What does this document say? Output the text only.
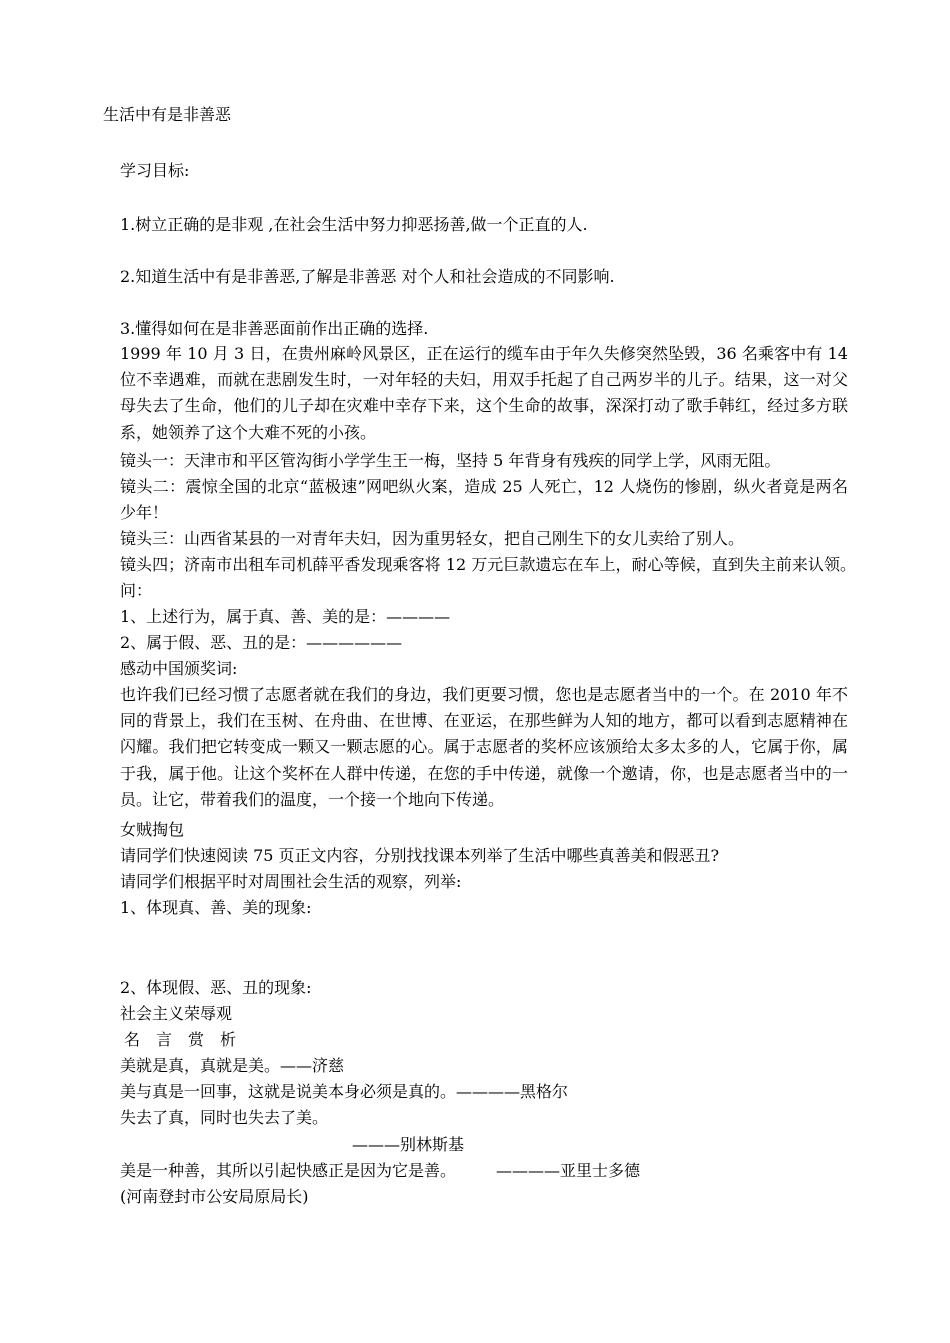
生活中有是非善恶
学习目标:
1.树立正确的是非观 ,在社会生活中努力抑恶扬善,做一个正直的人.
2.知道生活中有是非善恶,了解是非善恶 对个人和社会造成的不同影响.
3.懂得如何在是非善恶面前作出正确的选择.
1999 年 10 月 3 日，在贵州麻岭风景区，正在运行的缆车由于年久失修突然坠毁，36 名乘客中有 14 位不幸遇难，而就在悲剧发生时，一对年轻的夫妇，用双手托起了自己两岁半的儿子。结果，这一对父母失去了生命，他们的儿子却在灾难中幸存下来，这个生命的故事，深深打动了歌手韩红，经过多方联系，她领养了这个大难不死的小孩。
镜头一：天津市和平区管沟街小学学生王一梅，坚持 5 年背身有残疾的同学上学，风雨无阻。
镜头二：震惊全国的北京“蓝极速”网吧纵火案，造成 25 人死亡，12 人烧伤的惨剧，纵火者竟是两名少年！
镜头三：山西省某县的一对青年夫妇，因为重男轻女，把自己刚生下的女儿卖给了别人。
镜头四；济南市出租车司机薛平香发现乘客将 12 万元巨款遗忘在车上，耐心等候，直到失主前来认领。　　问：
1、上述行为，属于真、善、美的是：————
2、属于假、恶、丑的是：——————
感动中国颁奖词:
也许我们已经习惯了志愿者就在我们的身边，我们更要习惯，您也是志愿者当中的一个。在 2010 年不同的背景上，我们在玉树、在舟曲、在世博、在亚运，在那些鲜为人知的地方，都可以看到志愿精神在闪耀。我们把它转变成一颗又一颗志愿的心。属于志愿者的奖杯应该颁给太多太多的人，它属于你，属于我，属于他。让这个奖杯在人群中传递，在您的手中传递，就像一个邀请，你，也是志愿者当中的一员。让它，带着我们的温度，一个接一个地向下传递。
女贼掏包
请同学们快速阅读 75 页正文内容，分别找找课本列举了生活中哪些真善美和假恶丑?
请同学们根据平时对周围社会生活的观察，列举:
1、体现真、善、美的现象:
2、体现假、恶、丑的现象:
社会主义荣辱观
名　言　赏　析
美就是真，真就是美。——济慈
美与真是一回事，这就是说美本身必须是真的。————黑格尔
失去了真，同时也失去了美。
———别林斯基
美是一种善，其所以引起快感正是因为它是善。　　　————亚里士多德
(河南登封市公安局原局长)
